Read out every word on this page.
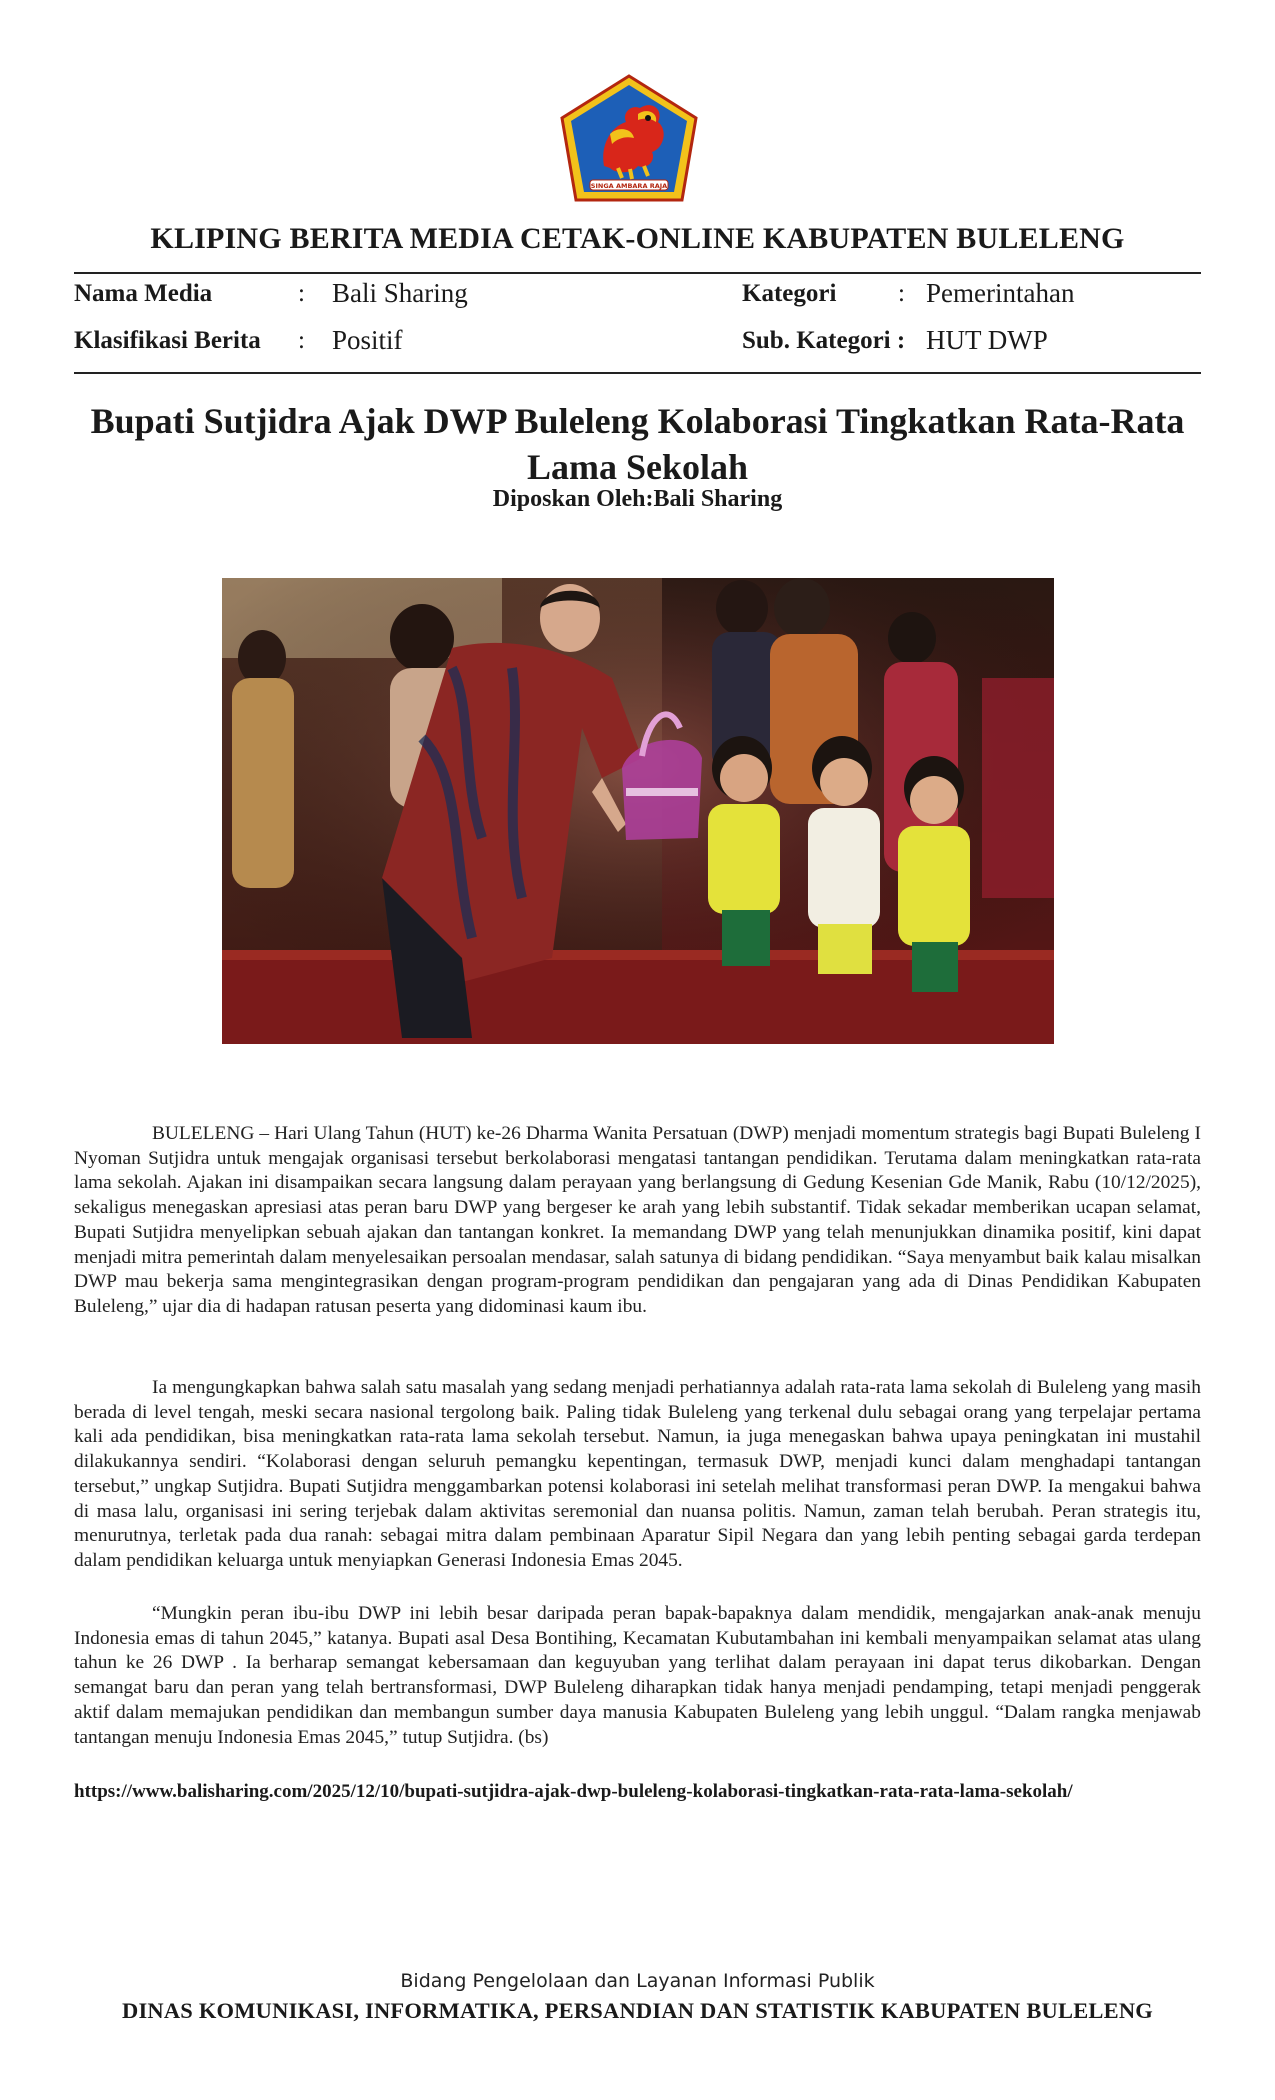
SINGA AMBARA RAJA
KLIPING BERITA MEDIA CETAK-ONLINE KABUPATEN BULELENG
Nama Media	: Bali Sharing
Klasifikasi Berita : Positif
Kategori : Pemerintahan
Sub. Kategori : HUT DWP
Bupati Sutjidra Ajak DWP Buleleng Kolaborasi Tingkatkan Rata-Rata Lama Sekolah
Diposkan Oleh:Bali Sharing

BULELENG – Hari Ulang Tahun (HUT) ke-26 Dharma Wanita Persatuan (DWP) menjadi momentum strategis bagi Bupati Buleleng I Nyoman Sutjidra untuk mengajak organisasi tersebut berkolaborasi mengatasi tantangan pendidikan. Terutama dalam meningkatkan rata-rata lama sekolah. Ajakan ini disampaikan secara langsung dalam perayaan yang berlangsung di Gedung Kesenian Gde Manik, Rabu (10/12/2025), sekaligus menegaskan apresiasi atas peran baru DWP yang bergeser ke arah yang lebih substantif. Tidak sekadar memberikan ucapan selamat, Bupati Sutjidra menyelipkan sebuah ajakan dan tantangan konkret. Ia memandang DWP yang telah menunjukkan dinamika positif, kini dapat menjadi mitra pemerintah dalam menyelesaikan persoalan mendasar, salah satunya di bidang pendidikan. “Saya menyambut baik kalau misalkan DWP mau bekerja sama mengintegrasikan dengan program-program pendidikan dan pengajaran yang ada di Dinas Pendidikan Kabupaten Buleleng,” ujar dia di hadapan ratusan peserta yang didominasi kaum ibu.

Ia mengungkapkan bahwa salah satu masalah yang sedang menjadi perhatiannya adalah rata-rata lama sekolah di Buleleng yang masih berada di level tengah, meski secara nasional tergolong baik. Paling tidak Buleleng yang terkenal dulu sebagai orang yang terpelajar pertama kali ada pendidikan, bisa meningkatkan rata-rata lama sekolah tersebut. Namun, ia juga menegaskan bahwa upaya peningkatan ini mustahil dilakukannya sendiri. “Kolaborasi dengan seluruh pemangku kepentingan, termasuk DWP, menjadi kunci dalam menghadapi tantangan tersebut,” ungkap Sutjidra. Bupati Sutjidra menggambarkan potensi kolaborasi ini setelah melihat transformasi peran DWP. Ia mengakui bahwa di masa lalu, organisasi ini sering terjebak dalam aktivitas seremonial dan nuansa politis. Namun, zaman telah berubah. Peran strategis itu, menurutnya, terletak pada dua ranah: sebagai mitra dalam pembinaan Aparatur Sipil Negara dan yang lebih penting sebagai garda terdepan dalam pendidikan keluarga untuk menyiapkan Generasi Indonesia Emas 2045.

“Mungkin peran ibu-ibu DWP ini lebih besar daripada peran bapak-bapaknya dalam mendidik, mengajarkan anak-anak menuju Indonesia emas di tahun 2045,” katanya. Bupati asal Desa Bontihing, Kecamatan Kubutambahan ini kembali menyampaikan selamat atas ulang tahun ke 26 DWP . Ia berharap semangat kebersamaan dan keguyuban yang terlihat dalam perayaan ini dapat terus dikobarkan. Dengan semangat baru dan peran yang telah bertransformasi, DWP Buleleng diharapkan tidak hanya menjadi pendamping, tetapi menjadi penggerak aktif dalam memajukan pendidikan dan membangun sumber daya manusia Kabupaten Buleleng yang lebih unggul. “Dalam rangka menjawab tantangan menuju Indonesia Emas 2045,” tutup Sutjidra. (bs)

https://www.balisharing.com/2025/12/10/bupati-sutjidra-ajak-dwp-buleleng-kolaborasi-tingkatkan-rata-rata-lama-sekolah/
Bidang Pengelolaan dan Layanan Informasi Publik
DINAS KOMUNIKASI, INFORMATIKA, PERSANDIAN DAN STATISTIK KABUPATEN BULELENG
